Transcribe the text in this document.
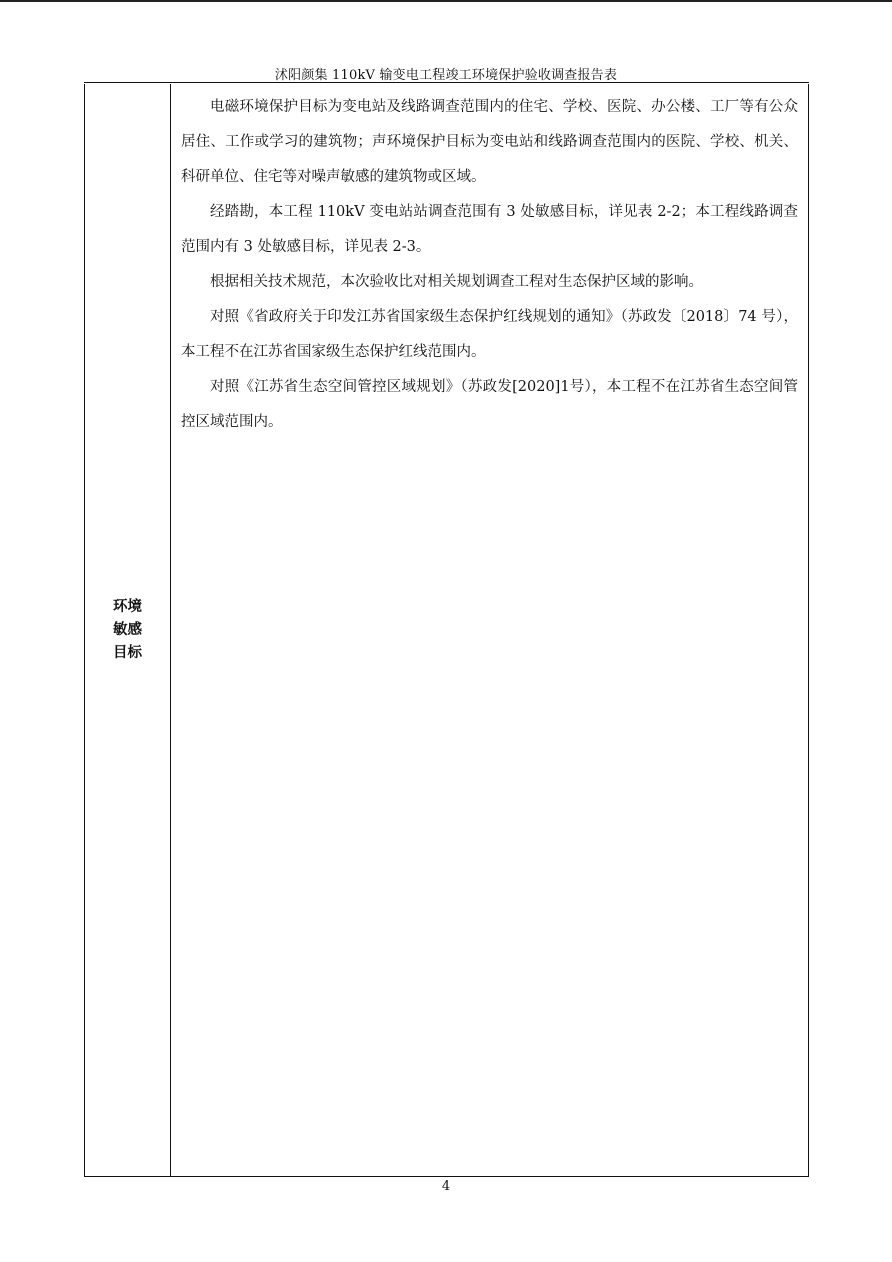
沭阳颜集 110kV 输变电工程竣工环境保护验收调查报告表
环境
敏感
目标

电磁环境保护目标为变电站及线路调查范围内的住宅、学校、医院、办公楼、工厂等有公众居住、工作或学习的建筑物；声环境保护目标为变电站和线路调查范围内的医院、学校、机关、科研单位、住宅等对噪声敏感的建筑物或区域。

经踏勘，本工程 110kV 变电站站调查范围有 3 处敏感目标，详见表 2-2；本工程线路调查范围内有 3 处敏感目标，详见表 2-3。

根据相关技术规范，本次验收比对相关规划调查工程对生态保护区域的影响。

对照《省政府关于印发江苏省国家级生态保护红线规划的通知》（苏政发〔2018〕74 号），本工程不在江苏省国家级生态保护红线范围内。

对照《江苏省生态空间管控区域规划》（苏政发[2020]1号），本工程不在江苏省生态空间管控区域范围内。

4
